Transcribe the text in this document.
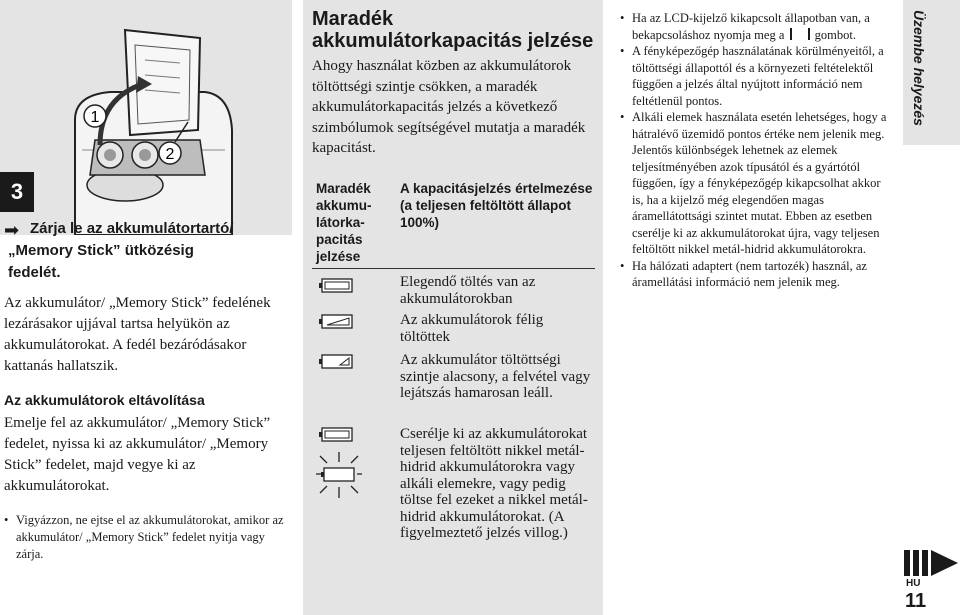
1
2
3
➡ Zárja le az akkumulátortartó/
„Memory Stick” ütközésig
fedelét.
Az akkumulátor/ „Memory Stick” fedelének lezárásakor ujjával tartsa helyükön az akkumulátorokat. A fedél bezáródásakor kattanás hallatszik.
Az akkumulátorok eltávolítása
Emelje fel az akkumulátor/ „Memory Stick” fedelet, nyissa ki az akkumulátor/ „Memory Stick” fedelet, majd vegye ki az akkumulátorokat.
• Vigyázzon, ne ejtse el az akkumulátorokat, amikor az akkumulátor/ „Memory Stick” fedelet nyitja vagy zárja.
Maradék akkumulátorkapacitás jelzése
Ahogy használat közben az akkumulátorok töltöttségi szintje csökken, a maradék akkumulátorkapacitás jelzés a következő szimbólumok segítségével mutatja a maradék kapacitást.
Maradék akkumu-látorka-pacitás jelzése
A kapacitásjelzés értelmezése (a teljesen feltöltött állapot 100%)
Elegendő töltés van az akkumulátorokban
Az akkumulátorok félig töltöttek
Az akkumulátor töltöttségi szintje alacsony, a felvétel vagy lejátszás hamarosan leáll.
Cserélje ki az akkumulátorokat teljesen feltöltött nikkel metál-hidrid akkumulátorokra vagy alkáli elemekre, vagy pedig töltse fel ezeket a nikkel metál-hidrid akkumulátorokat. (A figyelmeztető jelzés villog.)
• Ha az LCD-kijelző kikapcsolt állapotban van, a bekapcsoláshoz nyomja meg a gombot.
• A fényképezőgép használatának körülményeitől, a töltöttségi állapottól és a környezeti feltételektől függően a jelzés által nyújtott információ nem feltétlenül pontos.
• Alkáli elemek használata esetén lehetséges, hogy a hátralévő üzemidő pontos értéke nem jelenik meg. Jelentős különbségek lehetnek az elemek teljesítményében azok típusától és a gyártótól függően, így a fényképezőgép kikapcsolhat akkor is, ha a kijelző még elegendően magas áramellátottsági szintet mutat. Ebben az esetben cserélje ki az akkumulátorokat újra, vagy teljesen feltöltött nikkel metál-hidrid akkumulátorokra.
• Ha hálózati adaptert (nem tartozék) használ, az áramellátási információ nem jelenik meg.
Üzembe helyezés
HU
11
